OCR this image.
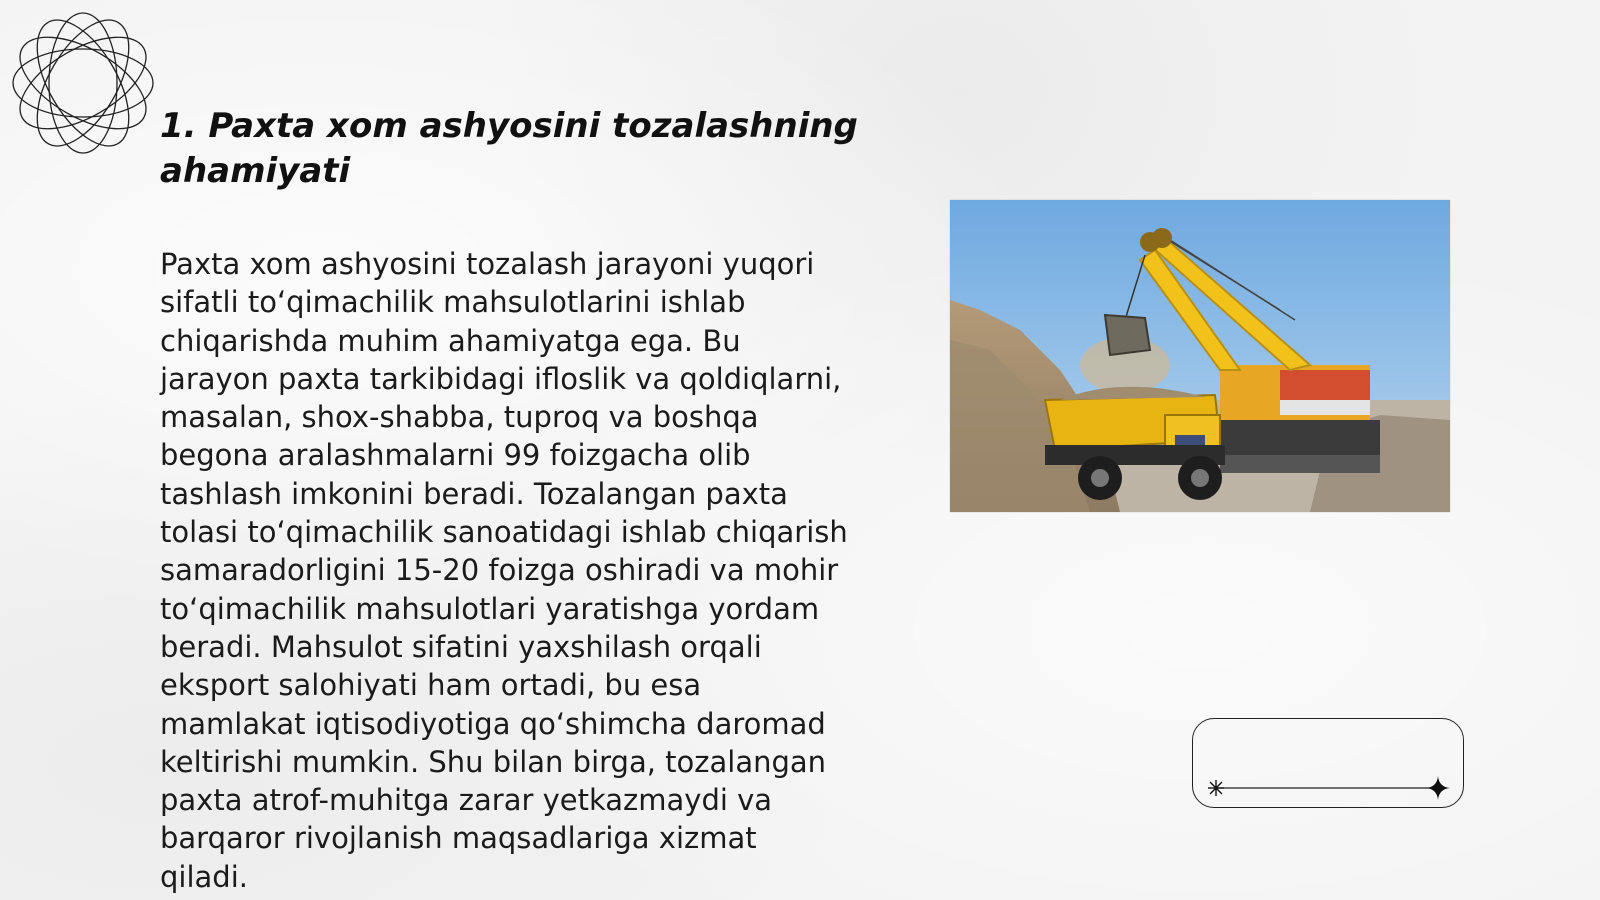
1. Paxta xom ashyosini tozalashning ahamiyati

Paxta xom ashyosini tozalash jarayoni yuqori sifatli to‘qimachilik mahsulotlarini ishlab chiqarishda muhim ahamiyatga ega. Bu jarayon paxta tarkibidagi ifloslik va qoldiqlarni, masalan, shox-shabba, tuproq va boshqa begona aralashmalarni 99 foizgacha olib tashlash imkonini beradi. Tozalangan paxta tolasi to‘qimachilik sanoatidagi ishlab chiqarish samaradorligini 15-20 foizga oshiradi va mohir to‘qimachilik mahsulotlari yaratishga yordam beradi. Mahsulot sifatini yaxshilash orqali eksport salohiyati ham ortadi, bu esa mamlakat iqtisodiyotiga qo‘shimcha daromad keltirishi mumkin. Shu bilan birga, tozalangan paxta atrof-muhitga zarar yetkazmaydi va barqaror rivojlanish maqsadlariga xizmat qiladi.
